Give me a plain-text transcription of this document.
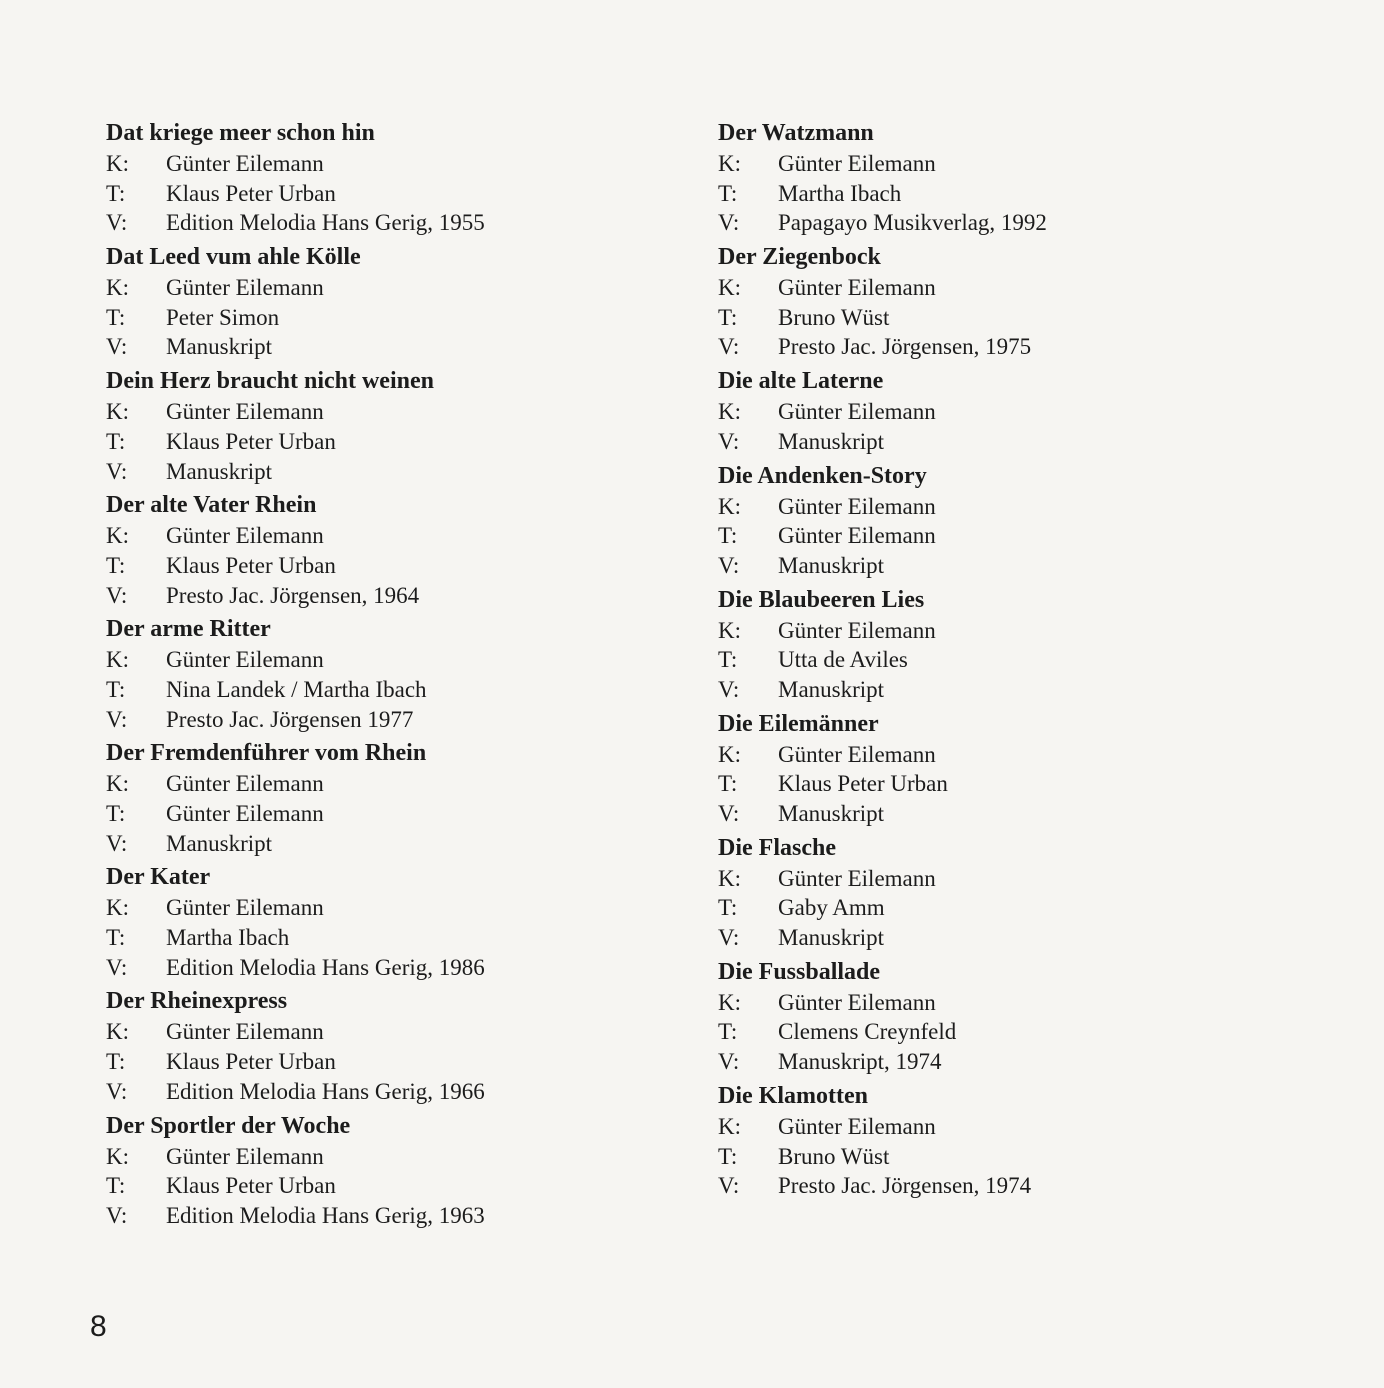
Dat kriege meer schon hin
K:	Günter Eilemann
T:	Klaus Peter Urban
V:	Edition Melodia Hans Gerig, 1955
Dat Leed vum ahle Kölle
K:	Günter Eilemann
T:	Peter Simon
V:	Manuskript
Dein Herz braucht nicht weinen
K:	Günter Eilemann
T:	Klaus Peter Urban
V:	Manuskript
Der alte Vater Rhein
K:	Günter Eilemann
T:	Klaus Peter Urban
V:	Presto Jac. Jörgensen, 1964
Der arme Ritter
K:	Günter Eilemann
T:	Nina Landek / Martha Ibach
V:	Presto Jac. Jörgensen 1977
Der Fremdenführer vom Rhein
K:	Günter Eilemann
T:	Günter Eilemann
V:	Manuskript
Der Kater
K:	Günter Eilemann
T:	Martha Ibach
V:	Edition Melodia Hans Gerig, 1986
Der Rheinexpress
K:	Günter Eilemann
T:	Klaus Peter Urban
V:	Edition Melodia Hans Gerig, 1966
Der Sportler der Woche
K:	Günter Eilemann
T:	Klaus Peter Urban
V:	Edition Melodia Hans Gerig, 1963
Der Watzmann
K:	Günter Eilemann
T:	Martha Ibach
V:	Papagayo Musikverlag, 1992
Der Ziegenbock
K:	Günter Eilemann
T:	Bruno Wüst
V:	Presto Jac. Jörgensen, 1975
Die alte Laterne
K:	Günter Eilemann
V:	Manuskript
Die Andenken-Story
K:	Günter Eilemann
T:	Günter Eilemann
V:	Manuskript
Die Blaubeeren Lies
K:	Günter Eilemann
T:	Utta de Aviles
V:	Manuskript
Die Eilemänner
K:	Günter Eilemann
T:	Klaus Peter Urban
V:	Manuskript
Die Flasche
K:	Günter Eilemann
T:	Gaby Amm
V:	Manuskript
Die Fussballade
K:	Günter Eilemann
T:	Clemens Creynfeld
V:	Manuskript, 1974
Die Klamotten
K:	Günter Eilemann
T:	Bruno Wüst
V:	Presto Jac. Jörgensen, 1974
8
